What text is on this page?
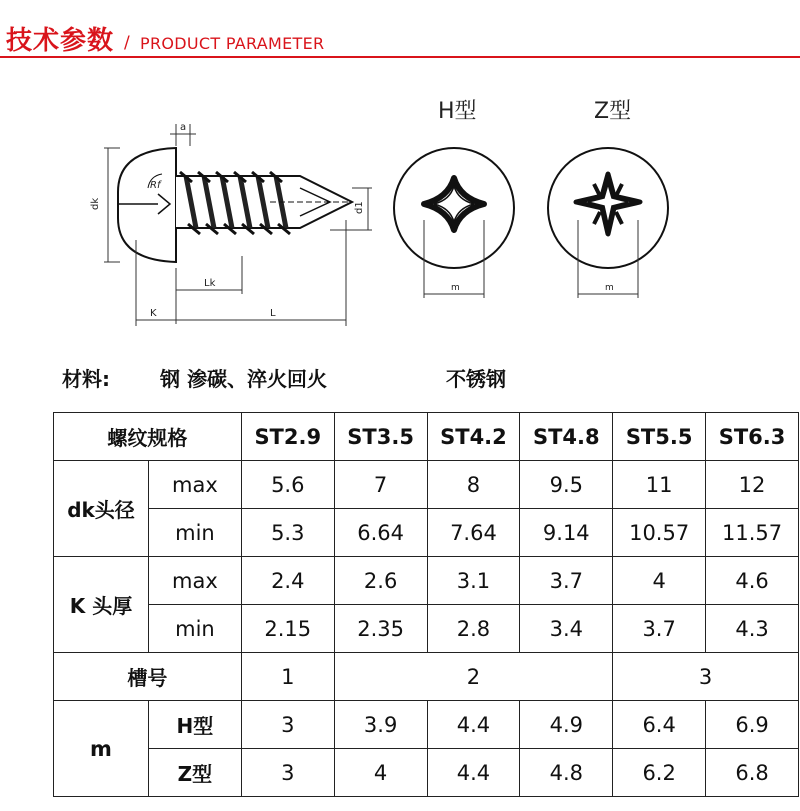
技术参数 / PRODUCT PARAMETER
dk
Rf
a
d1
Lk
K	L
H型
m
Z型
m
材料:	钢 渗碳、淬火回火	不锈钢
螺纹规格		ST2.9	ST3.5	ST4.2	ST4.8	ST5.5	ST6.3
dk头径	max	5.6	7	8	9.5	11	12
	min	5.3	6.64	7.64	9.14	10.57	11.57
K 头厚	max	2.4	2.6	3.1	3.7	4	4.6
	min	2.15	2.35	2.8	3.4	3.7	4.3
槽号		1	2			3	
m	H型	3	3.9	4.4	4.9	6.4	6.9
	Z型	3	4	4.4	4.8	6.2	6.8
